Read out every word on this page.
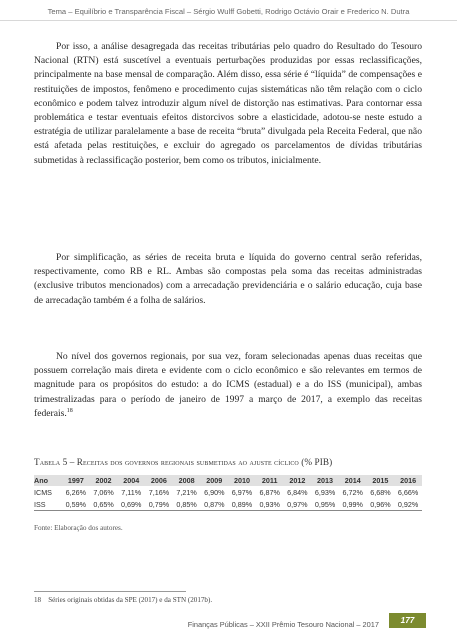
Tema – Equilíbrio e Transparência Fiscal – Sérgio Wulff Gobetti, Rodrigo Octávio Orair e Frederico N. Dutra

Por isso, a análise desagregada das receitas tributárias pelo quadro do Resultado do Tesouro Nacional (RTN) está suscetível a eventuais perturbações produzidas por essas reclassificações, principalmente na base mensal de comparação. Além disso, essa série é “líquida” de compensações e restituições de impostos, fenômeno e procedimento cujas sistemáticas não têm relação com o ciclo econômico e podem talvez introduzir algum nível de distorção nas estimativas. Para contornar essa problemática e testar eventuais efeitos distorcivos sobre a elasticidade, adotou-se neste estudo a estratégia de utilizar paralelamente a base de receita “bruta” divulgada pela Receita Federal, que não está afetada pelas restituições, e excluir do agregado os parcelamentos de dívidas tributárias submetidas à reclassificação posterior, bem como os tributos, inicialmente.

Por simplificação, as séries de receita bruta e líquida do governo central serão referidas, respectivamente, como RB e RL. Ambas são compostas pela soma das receitas administradas (exclusive tributos mencionados) com a arrecadação previdenciária e o salário educação, cuja base de arrecadação também é a folha de salários.

No nível dos governos regionais, por sua vez, foram selecionadas apenas duas receitas que possuem correlação mais direta e evidente com o ciclo econômico e são relevantes em termos de magnitude para os propósitos do estudo: a do ICMS (estadual) e a do ISS (municipal), ambas trimestralizadas para o período de janeiro de 1997 a março de 2017, a exemplo das receitas federais.$^{18}$

Tabela 5 – Receitas dos governos regionais submetidas ao ajuste cíclico (% PIB)
Ano	1997	2002	2004	2006	2008	2009	2010	2011	2012	2013	2014	2015	2016
ICMS	6,26%	7,06%	7,11%	7,16%	7,21%	6,90%	6,97%	6,87%	6,84%	6,93%	6,72%	6,68%	6,66%
ISS	0,59%	0,65%	0,69%	0,79%	0,85%	0,87%	0,89%	0,93%	0,97%	0,95%	0,99%	0,96%	0,92%
Fonte: Elaboração dos autores.

18 Séries originais obtidas da SPE (2017) e da STN (2017b).
Finanças Públicas – XXII Prêmio Tesouro Nacional – 2017	177
